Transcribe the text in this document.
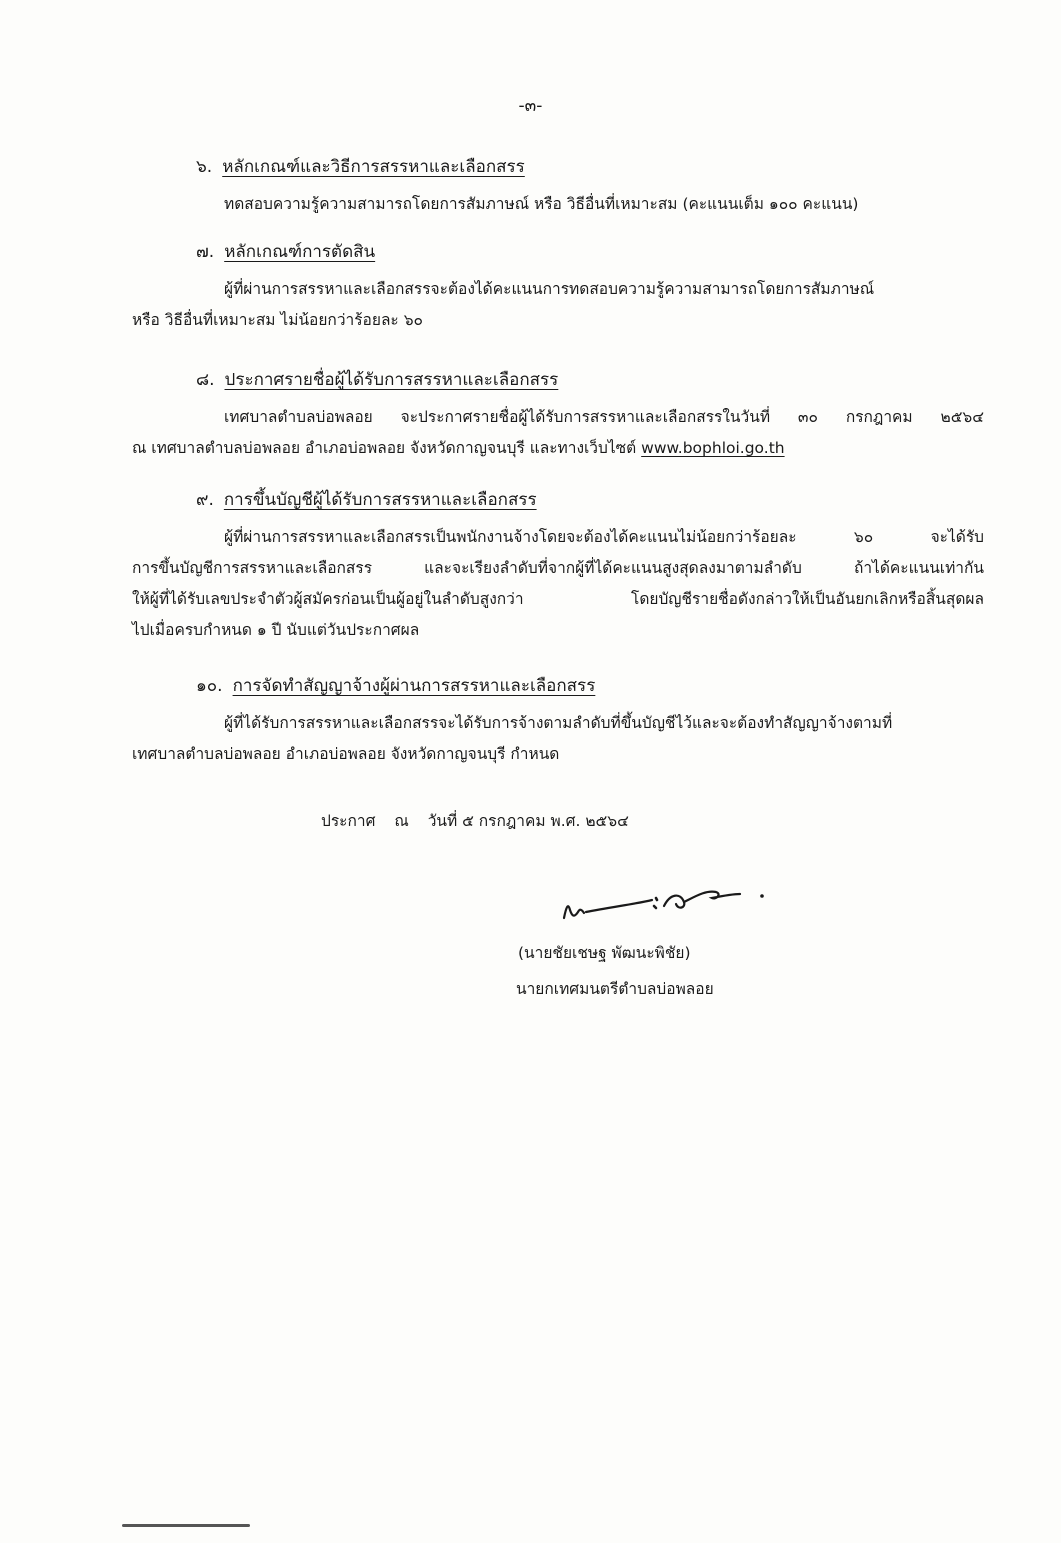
-๓-
๖. หลักเกณฑ์และวิธีการสรรหาและเลือกสรร
ทดสอบความรู้ความสามารถโดยการสัมภาษณ์ หรือ วิธีอื่นที่เหมาะสม (คะแนนเต็ม ๑๐๐ คะแนน)
๗. หลักเกณฑ์การตัดสิน
ผู้ที่ผ่านการสรรหาและเลือกสรรจะต้องได้คะแนนการทดสอบความรู้ความสามารถโดยการสัมภาษณ์
หรือ วิธีอื่นที่เหมาะสม ไม่น้อยกว่าร้อยละ ๖๐
๘. ประกาศรายชื่อผู้ได้รับการสรรหาและเลือกสรร
เทศบาลตำบลบ่อพลอย จะประกาศรายชื่อผู้ได้รับการสรรหาและเลือกสรรในวันที่ ๓๐ กรกฎาคม ๒๕๖๔
ณ เทศบาลตำบลบ่อพลอย อำเภอบ่อพลอย จังหวัดกาญจนบุรี และทางเว็บไซต์ www.bophloi.go.th
๙. การขึ้นบัญชีผู้ได้รับการสรรหาและเลือกสรร
ผู้ที่ผ่านการสรรหาและเลือกสรรเป็นพนักงานจ้างโดยจะต้องได้คะแนนไม่น้อยกว่าร้อยละ ๖๐ จะได้รับ
การขึ้นบัญชีการสรรหาและเลือกสรร และจะเรียงลำดับที่จากผู้ที่ได้คะแนนสูงสุดลงมาตามลำดับ ถ้าได้คะแนนเท่ากัน
ให้ผู้ที่ได้รับเลขประจำตัวผู้สมัครก่อนเป็นผู้อยู่ในลำดับสูงกว่า โดยบัญชีรายชื่อดังกล่าวให้เป็นอันยกเลิกหรือสิ้นสุดผล
ไปเมื่อครบกำหนด ๑ ปี นับแต่วันประกาศผล
๑๐. การจัดทำสัญญาจ้างผู้ผ่านการสรรหาและเลือกสรร
ผู้ที่ได้รับการสรรหาและเลือกสรรจะได้รับการจ้างตามลำดับที่ขึ้นบัญชีไว้และจะต้องทำสัญญาจ้างตามที่
เทศบาลตำบลบ่อพลอย อำเภอบ่อพลอย จังหวัดกาญจนบุรี กำหนด
ประกาศ ณ วันที่ ๕ กรกฎาคม พ.ศ. ๒๕๖๔
(นายชัยเชษฐ พัฒนะพิชัย)
นายกเทศมนตรีตำบลบ่อพลอย
